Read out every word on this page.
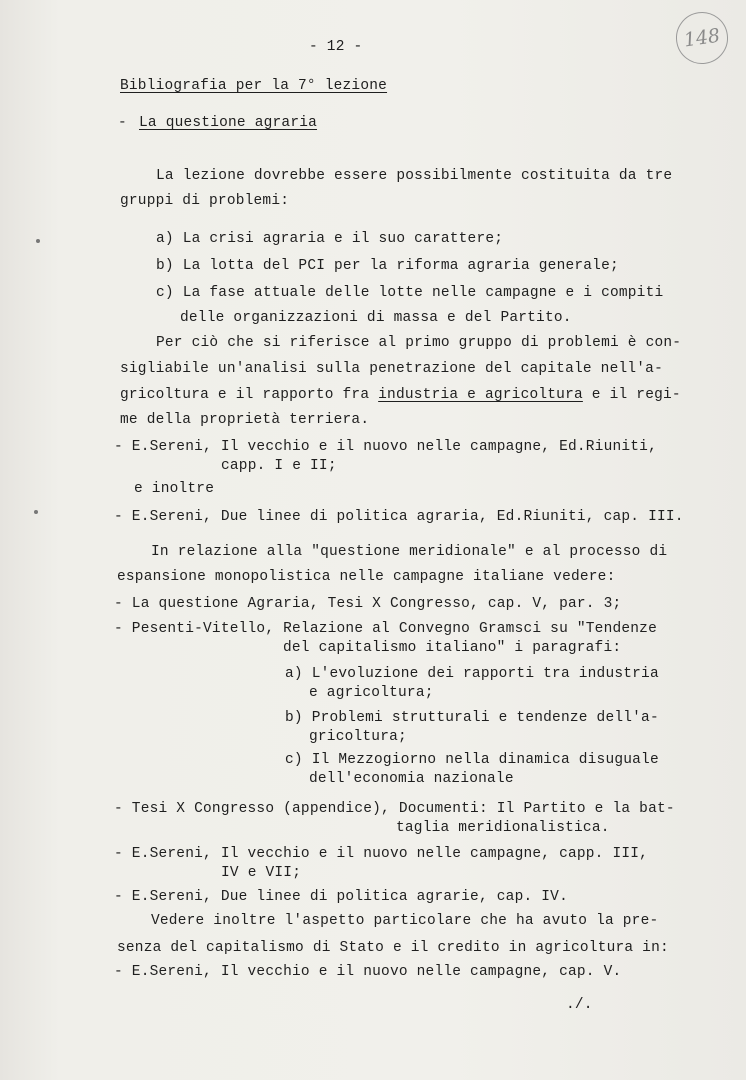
- 12 -	148
Bibliografia per la 7° lezione
- La questione agraria
La lezione dovrebbe essere possibilmente costituita da tre
gruppi di problemi:
a) La crisi agraria e il suo carattere;
b) La lotta del PCI per la riforma agraria generale;
c) La fase attuale delle lotte nelle campagne e i compiti
delle organizzazioni di massa e del Partito.
Per ciò che si riferisce al primo gruppo di problemi è con-
sigliabile un'analisi sulla penetrazione del capitale nell'a-
gricoltura e il rapporto fra industria e agricoltura e il regi-
me della proprietà terriera.
- E.Sereni, Il vecchio e il nuovo nelle campagne, Ed.Riuniti,
capp. I e II;
e inoltre
- E.Sereni, Due linee di politica agraria, Ed.Riuniti, cap. III.
In relazione alla "questione meridionale" e al processo di
espansione monopolistica nelle campagne italiane vedere:
- La questione Agraria, Tesi X Congresso, cap. V, par. 3;
- Pesenti-Vitello, Relazione al Convegno Gramsci su "Tendenze
del capitalismo italiano" i paragrafi:
a) L'evoluzione dei rapporti tra industria
e agricoltura;
b) Problemi strutturali e tendenze dell'a-
gricoltura;
c) Il Mezzogiorno nella dinamica disuguale
dell'economia nazionale
- Tesi X Congresso (appendice), Documenti: Il Partito e la bat-
taglia meridionalistica.
- E.Sereni, Il vecchio e il nuovo nelle campagne, capp. III,
IV e VII;
- E.Sereni, Due linee di politica agrarie, cap. IV.
Vedere inoltre l'aspetto particolare che ha avuto la pre-
senza del capitalismo di Stato e il credito in agricoltura in:
- E.Sereni, Il vecchio e il nuovo nelle campagne, cap. V.
./.
